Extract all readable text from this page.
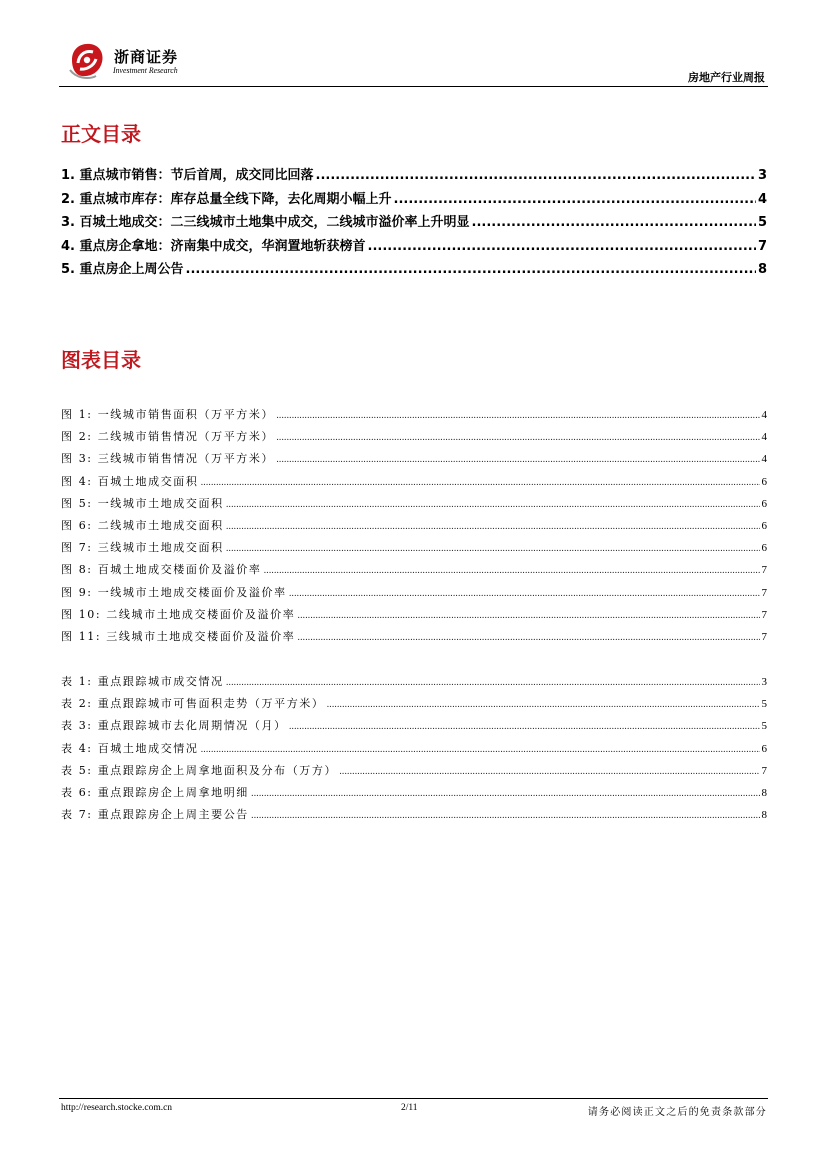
浙商证券
Investment Research
房地产行业周报
正文目录
1. 重点城市销售：节后首周，成交同比回落 .....	3
2. 重点城市库存：库存总量全线下降，去化周期小幅上升 .....	4
3. 百城土地成交：二三线城市土地集中成交，二线城市溢价率上升明显 .....	5
4. 重点房企拿地：济南集中成交，华润置地斩获榜首 .....	7
5. 重点房企上周公告 .....	8
图表目录
图 1: 一线城市销售面积（万平方米） .....	4
图 2: 二线城市销售情况（万平方米） .....	4
图 3: 三线城市销售情况（万平方米） .....	4
图 4: 百城土地成交面积 .....	6
图 5: 一线城市土地成交面积 .....	6
图 6: 二线城市土地成交面积 .....	6
图 7: 三线城市土地成交面积 .....	6
图 8: 百城土地成交楼面价及溢价率 .....	7
图 9: 一线城市土地成交楼面价及溢价率 .....	7
图 10: 二线城市土地成交楼面价及溢价率 .....	7
图 11: 三线城市土地成交楼面价及溢价率 .....	7
表 1: 重点跟踪城市成交情况 .....	3
表 2: 重点跟踪城市可售面积走势（万平方米） .....	5
表 3: 重点跟踪城市去化周期情况（月） .....	5
表 4: 百城土地成交情况 .....	6
表 5: 重点跟踪房企上周拿地面积及分布（万方） .....	7
表 6: 重点跟踪房企上周拿地明细 .....	8
表 7: 重点跟踪房企上周主要公告 .....	8
http://research.stocke.com.cn	2/11	请务必阅读正文之后的免责条款部分
